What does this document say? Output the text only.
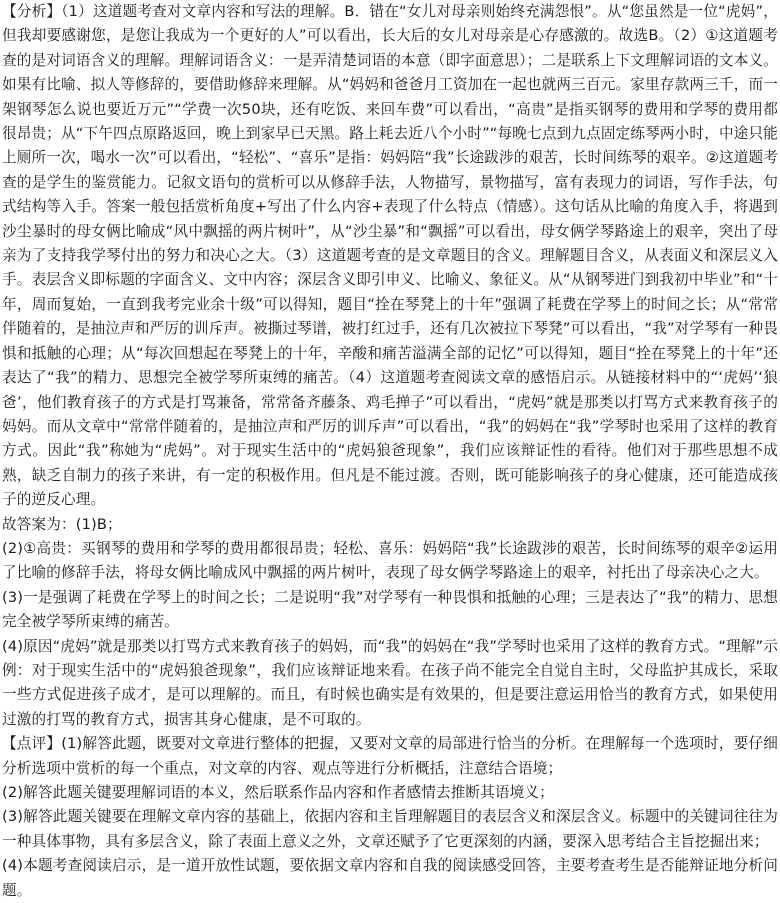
【分析】（1）这道题考查对文章内容和写法的理解。B．错在“女儿对母亲则始终充满怨恨”。从“您虽然是一位“虎妈”，但我却要感谢您，是您让我成为一个更好的人”可以看出，长大后的女儿对母亲是心存感激的。故选B。（2）①这道题考查的是对词语含义的理解。理解词语含义：一是弄清楚词语的本意（即字面意思）；二是联系上下文理解词语的文本义。如果有比喻、拟人等修辞的，要借助修辞来理解。从“妈妈和爸爸月工资加在一起也就两三百元。家里存款两三千，而一架钢琴怎么说也要近万元”“学费一次50块，还有吃饭、来回车费”可以看出，“高贵”是指买钢琴的费用和学琴的费用都很昂贵；从“下午四点原路返回，晚上到家早已天黑。路上耗去近八个小时”“每晚七点到九点固定练琴两小时，中途只能上厕所一次，喝水一次”可以看出，“轻松”、“喜乐”是指：妈妈陪“我”长途跋涉的艰苦，长时间练琴的艰辛。②这道题考查的是学生的鉴赏能力。记叙文语句的赏析可以从修辞手法，人物描写，景物描写，富有表现力的词语，写作手法，句式结构等入手。答案一般包括赏析角度+写出了什么内容+表现了什么特点（情感）。这句话从比喻的角度入手，将遇到沙尘暴时的母女俩比喻成“风中飘摇的两片树叶”，从“沙尘暴”和“飘摇”可以看出，母女俩学琴路途上的艰辛，突出了母亲为了支持我学琴付出的努力和决心之大。（3）这道题考查的是文章题目的含义。理解题目含义，从表面义和深层义入手。表层含义即标题的字面含义、文中内容；深层含义即引申义、比喻义、象征义。从“从钢琴进门到我初中毕业”和“十年，周而复始，一直到我考完业余十级”可以得知，题目“拴在琴凳上的十年”强调了耗费在学琴上的时间之长；从“常常伴随着的，是抽泣声和严厉的训斥声。被撕过琴谱，被打红过手，还有几次被拉下琴凳”可以看出，“我”对学琴有一种畏惧和抵触的心理；从“每次回想起在琴凳上的十年，辛酸和痛苦溢满全部的记忆”可以得知，题目“拴在琴凳上的十年”还表达了“我”的精力、思想完全被学琴所束缚的痛苦。（4）这道题考查阅读文章的感悟启示。从链接材料中的“‘虎妈’‘狼爸’，他们教育孩子的方式是打骂兼备，常常备齐藤条、鸡毛掸子”可以看出，“虎妈”就是那类以打骂方式来教育孩子的妈妈。而从文章中“常常伴随着的，是抽泣声和严厉的训斥声”可以看出，“我”的妈妈在“我”学琴时也采用了这样的教育方式。因此“我”称她为“虎妈”。对于现实生活中的“虎妈狼爸现象”，我们应该辩证性的看待。他们对于那些思想不成熟，缺乏自制力的孩子来讲，有一定的积极作用。但凡是不能过渡。否则，既可能影响孩子的身心健康，还可能造成孩子的逆反心理。

故答案为：(1)B；

(2)①高贵：买钢琴的费用和学琴的费用都很昂贵；轻松、喜乐：妈妈陪“我”长途跋涉的艰苦，长时间练琴的艰辛②运用了比喻的修辞手法，将母女俩比喻成风中飘摇的两片树叶，表现了母女俩学琴路途上的艰辛，衬托出了母亲决心之大。

(3)一是强调了耗费在学琴上的时间之长；二是说明“我”对学琴有一种畏惧和抵触的心理；三是表达了“我”的精力、思想完全被学琴所束缚的痛苦。

(4)原因“虎妈”就是那类以打骂方式来教育孩子的妈妈，而“我”的妈妈在“我”学琴时也采用了这样的教育方式。“理解”示例：对于现实生活中的“虎妈狼爸现象”，我们应该辩证地来看。在孩子尚不能完全自觉自主时，父母监护其成长，采取一些方式促进孩子成才，是可以理解的。而且，有时候也确实是有效果的，但是要注意运用恰当的教育方式，如果使用过激的打骂的教育方式，损害其身心健康，是不可取的。

【点评】(1)解答此题，既要对文章进行整体的把握，又要对文章的局部进行恰当的分析。在理解每一个选项时，要仔细分析选项中赏析的每一个重点，对文章的内容、观点等进行分析概括，注意结合语境；

(2)解答此题关键要理解词语的本义，然后联系作品内容和作者感情去推断其语境义；

(3)解答此题关键要在理解文章内容的基础上，依据内容和主旨理解题目的表层含义和深层含义。标题中的关键词往往为一种具体事物，具有多层含义，除了表面上意义之外，文章还赋予了它更深刻的内涵，要深入思考结合主旨挖掘出来；

(4)本题考查阅读启示，是一道开放性试题，要依据文章内容和自我的阅读感受回答，主要考查考生是否能辩证地分析问题。
